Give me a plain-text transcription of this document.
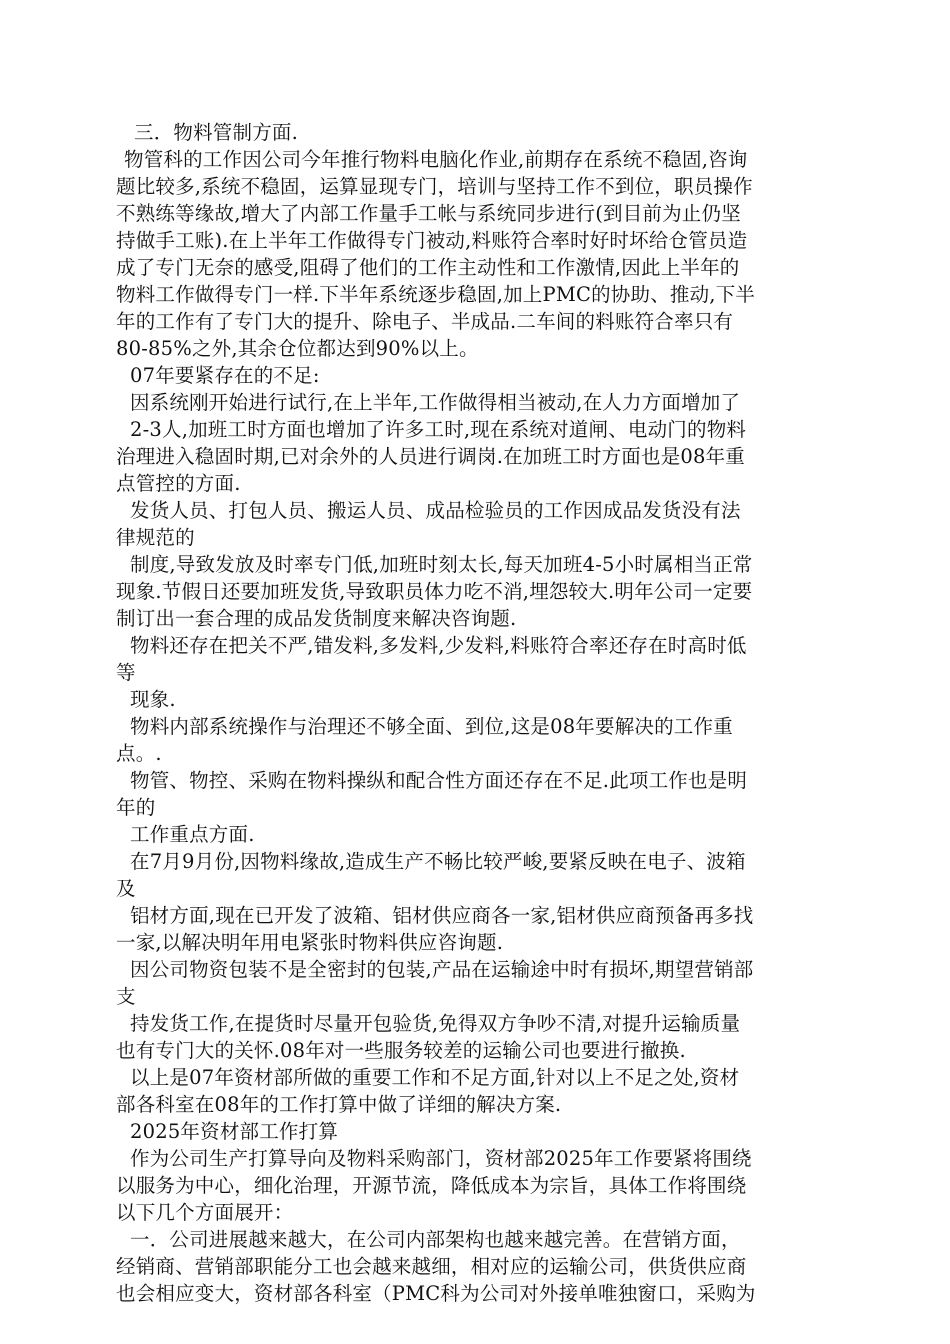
三．物料管制方面.
物管科的工作因公司今年推行物料电脑化作业,前期存在系统不稳固,咨询
题比较多,系统不稳固，运算显现专门，培训与坚持工作不到位，职员操作
不熟练等缘故,增大了内部工作量手工帐与系统同步进行(到目前为止仍坚
持做手工账).在上半年工作做得专门被动,料账符合率时好时坏给仓管员造
成了专门无奈的感受,阻碍了他们的工作主动性和工作激情,因此上半年的
物料工作做得专门一样.下半年系统逐步稳固,加上PMC的协助、推动,下半
年的工作有了专门大的提升、除电子、半成品.二车间的料账符合率只有
80-85%之外,其余仓位都达到90%以上。
07年要紧存在的不足:
因系统刚开始进行试行,在上半年,工作做得相当被动,在人力方面增加了
2-3人,加班工时方面也增加了许多工时,现在系统对道闸、电动门的物料
治理进入稳固时期,已对余外的人员进行调岗.在加班工时方面也是08年重
点管控的方面.
发货人员、打包人员、搬运人员、成品检验员的工作因成品发货没有法
律规范的
制度,导致发放及时率专门低,加班时刻太长,每天加班4-5小时属相当正常
现象.节假日还要加班发货,导致职员体力吃不消,埋怨较大.明年公司一定要
制订出一套合理的成品发货制度来解决咨询题.
物料还存在把关不严,错发料,多发料,少发料,料账符合率还存在时高时低
等
现象.
物料内部系统操作与治理还不够全面、到位,这是08年要解决的工作重
点。.
物管、物控、采购在物料操纵和配合性方面还存在不足.此项工作也是明
年的
工作重点方面.
在7月9月份,因物料缘故,造成生产不畅比较严峻,要紧反映在电子、波箱
及
铝材方面,现在已开发了波箱、铝材供应商各一家,铝材供应商预备再多找
一家,以解决明年用电紧张时物料供应咨询题.
因公司物资包装不是全密封的包装,产品在运输途中时有损坏,期望营销部
支
持发货工作,在提货时尽量开包验货,免得双方争吵不清,对提升运输质量
也有专门大的关怀.08年对一些服务较差的运输公司也要进行撤换.
以上是07年资材部所做的重要工作和不足方面,针对以上不足之处,资材
部各科室在08年的工作打算中做了详细的解决方案.
2025年资材部工作打算
作为公司生产打算导向及物料采购部门，资材部2025年工作要紧将围绕
以服务为中心，细化治理，开源节流，降低成本为宗旨，具体工作将围绕
以下几个方面展开：
一．公司进展越来越大，在公司内部架构也越来越完善。在营销方面，
经销商、营销部职能分工也会越来越细，相对应的运输公司，供货供应商
也会相应变大，资材部各科室（PMC科为公司对外接单唯独窗口，采购为
